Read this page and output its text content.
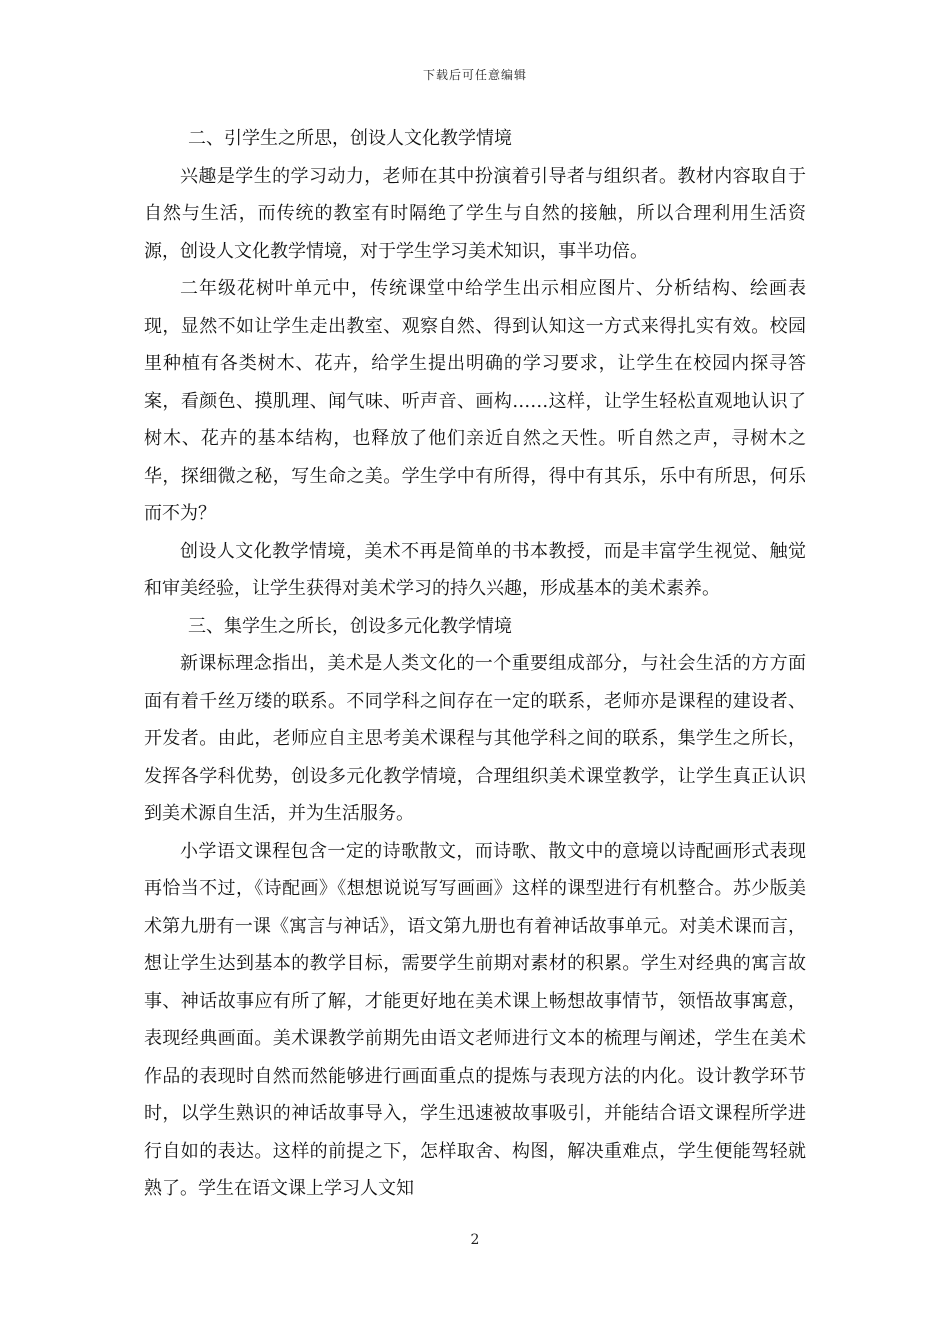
下载后可任意编辑

二、引学生之所思，创设人文化教学情境

兴趣是学生的学习动力，老师在其中扮演着引导者与组织者。教材内容取自于自然与生活，而传统的教室有时隔绝了学生与自然的接触，所以合理利用生活资源，创设人文化教学情境，对于学生学习美术知识，事半功倍。

二年级花树叶单元中，传统课堂中给学生出示相应图片、分析结构、绘画表现，显然不如让学生走出教室、观察自然、得到认知这一方式来得扎实有效。校园里种植有各类树木、花卉，给学生提出明确的学习要求，让学生在校园内探寻答案，看颜色、摸肌理、闻气味、听声音、画构……这样，让学生轻松直观地认识了树木、花卉的基本结构，也释放了他们亲近自然之天性。听自然之声，寻树木之华，探细微之秘，写生命之美。学生学中有所得，得中有其乐，乐中有所思，何乐而不为？

创设人文化教学情境，美术不再是简单的书本教授，而是丰富学生视觉、触觉和审美经验，让学生获得对美术学习的持久兴趣，形成基本的美术素养。

三、集学生之所长，创设多元化教学情境

新课标理念指出，美术是人类文化的一个重要组成部分，与社会生活的方方面面有着千丝万缕的联系。不同学科之间存在一定的联系，老师亦是课程的建设者、开发者。由此，老师应自主思考美术课程与其他学科之间的联系，集学生之所长，发挥各学科优势，创设多元化教学情境，合理组织美术课堂教学，让学生真正认识到美术源自生活，并为生活服务。

小学语文课程包含一定的诗歌散文，而诗歌、散文中的意境以诗配画形式表现再恰当不过，《诗配画》《想想说说写写画画》这样的课型进行有机整合。苏少版美术第九册有一课《寓言与神话》，语文第九册也有着神话故事单元。对美术课而言，想让学生达到基本的教学目标，需要学生前期对素材的积累。学生对经典的寓言故事、神话故事应有所了解，才能更好地在美术课上畅想故事情节，领悟故事寓意，表现经典画面。美术课教学前期先由语文老师进行文本的梳理与阐述，学生在美术作品的表现时自然而然能够进行画面重点的提炼与表现方法的内化。设计教学环节时，以学生熟识的神话故事导入，学生迅速被故事吸引，并能结合语文课程所学进行自如的表达。这样的前提之下，怎样取舍、构图，解决重难点，学生便能驾轻就熟了。学生在语文课上学习人文知

2
